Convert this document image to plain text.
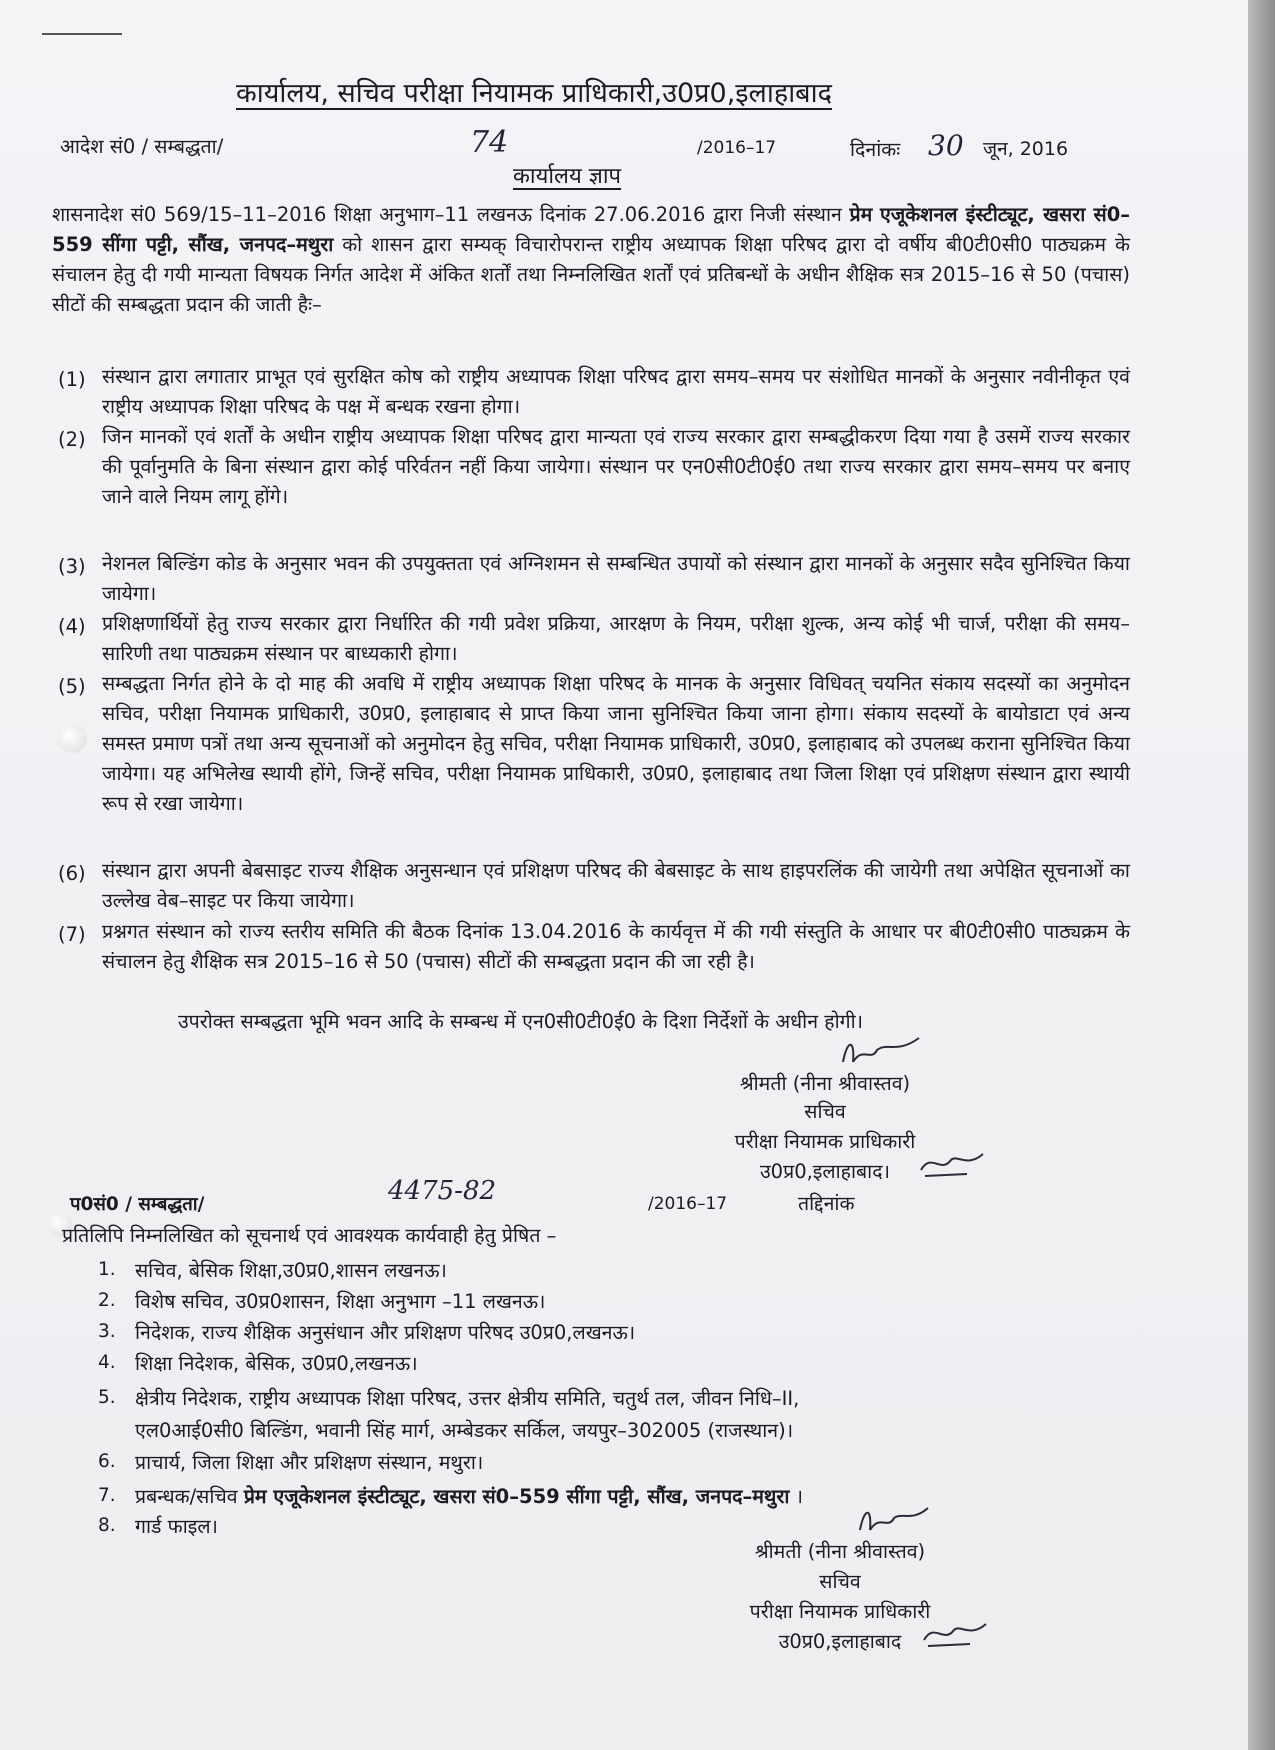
कार्यालय, सचिव परीक्षा नियामक प्राधिकारी,उ0प्र0,इलाहाबाद
आदेश सं0 / सम्बद्धता/	74	/2016–17	दिनांकः 30 जून, 2016
कार्यालय ज्ञाप
शासनादेश सं0 569/15–11–2016 शिक्षा अनुभाग–11 लखनऊ दिनांक 27.06.2016 द्वारा निजी संस्थान प्रेम एजूकेशनल इंस्टीट्यूट, खसरा सं0–559 सींगा पट्टी, सौंख, जनपद–मथुरा को शासन द्वारा सम्यक् विचारोपरान्त राष्ट्रीय अध्यापक शिक्षा परिषद द्वारा दो वर्षीय बी0टी0सी0 पाठ्यक्रम के संचालन हेतु दी गयी मान्यता विषयक निर्गत आदेश में अंकित शर्तों तथा निम्नलिखित शर्तों एवं प्रतिबन्धों के अधीन शैक्षिक सत्र 2015–16 से 50 (पचास) सीटों की सम्बद्धता प्रदान की जाती हैः–
(1) संस्थान द्वारा लगातार प्राभूत एवं सुरक्षित कोष को राष्ट्रीय अध्यापक शिक्षा परिषद द्वारा समय–समय पर संशोधित मानकों के अनुसार नवीनीकृत एवं राष्ट्रीय अध्यापक शिक्षा परिषद के पक्ष में बन्धक रखना होगा।
(2) जिन मानकों एवं शर्तों के अधीन राष्ट्रीय अध्यापक शिक्षा परिषद द्वारा मान्यता एवं राज्य सरकार द्वारा सम्बद्धीकरण दिया गया है उसमें राज्य सरकार की पूर्वानुमति के बिना संस्थान द्वारा कोई परिर्वतन नहीं किया जायेगा। संस्थान पर एन0सी0टी0ई0 तथा राज्य सरकार द्वारा समय–समय पर बनाए जाने वाले नियम लागू होंगे।
(3) नेशनल बिल्डिंग कोड के अनुसार भवन की उपयुक्तता एवं अग्निशमन से सम्बन्धित उपायों को संस्थान द्वारा मानकों के अनुसार सदैव सुनिश्चित किया जायेगा।
(4) प्रशिक्षणार्थियों हेतु राज्य सरकार द्वारा निर्धारित की गयी प्रवेश प्रक्रिया, आरक्षण के नियम, परीक्षा शुल्क, अन्य कोई भी चार्ज, परीक्षा की समय–सारिणी तथा पाठ्यक्रम संस्थान पर बाध्यकारी होगा।
(5) सम्बद्धता निर्गत होने के दो माह की अवधि में राष्ट्रीय अध्यापक शिक्षा परिषद के मानक के अनुसार विधिवत् चयनित संकाय सदस्यों का अनुमोदन सचिव, परीक्षा नियामक प्राधिकारी, उ0प्र0, इलाहाबाद से प्राप्त किया जाना सुनिश्चित किया जाना होगा। संकाय सदस्यों के बायोडाटा एवं अन्य समस्त प्रमाण पत्रों तथा अन्य सूचनाओं को अनुमोदन हेतु सचिव, परीक्षा नियामक प्राधिकारी, उ0प्र0, इलाहाबाद को उपलब्ध कराना सुनिश्चित किया जायेगा। यह अभिलेख स्थायी होंगे, जिन्हें सचिव, परीक्षा नियामक प्राधिकारी, उ0प्र0, इलाहाबाद तथा जिला शिक्षा एवं प्रशिक्षण संस्थान द्वारा स्थायी रूप से रखा जायेगा।
(6) संस्थान द्वारा अपनी बेबसाइट राज्य शैक्षिक अनुसन्धान एवं प्रशिक्षण परिषद की बेबसाइट के साथ हाइपरलिंक की जायेगी तथा अपेक्षित सूचनाओं का उल्लेख वेब–साइट पर किया जायेगा।
(7) प्रश्नगत संस्थान को राज्य स्तरीय समिति की बैठक दिनांक 13.04.2016 के कार्यवृत्त में की गयी संस्तुति के आधार पर बी0टी0सी0 पाठ्यक्रम के संचालन हेतु शैक्षिक सत्र 2015–16 से 50 (पचास) सीटों की सम्बद्धता प्रदान की जा रही है।
उपरोक्त सम्बद्धता भूमि भवन आदि के सम्बन्ध में एन0सी0टी0ई0 के दिशा निर्देशों के अधीन होगी।
श्रीमती (नीना श्रीवास्तव)
सचिव
परीक्षा नियामक प्राधिकारी
उ0प्र0,इलाहाबाद।
प0सं0 / सम्बद्धता/	4475-82	/2016–17	तद्दिनांक
प्रतिलिपि निम्नलिखित को सूचनार्थ एवं आवश्यक कार्यवाही हेतु प्रेषित –
1. सचिव, बेसिक शिक्षा,उ0प्र0,शासन लखनऊ।
2. विशेष सचिव, उ0प्र0शासन, शिक्षा अनुभाग –11 लखनऊ।
3. निदेशक, राज्य शैक्षिक अनुसंधान और प्रशिक्षण परिषद उ0प्र0,लखनऊ।
4. शिक्षा निदेशक, बेसिक, उ0प्र0,लखनऊ।
5. क्षेत्रीय निदेशक, राष्ट्रीय अध्यापक शिक्षा परिषद, उत्तर क्षेत्रीय समिति, चतुर्थ तल, जीवन निधि–II,
एल0आई0सी0 बिल्डिंग, भवानी सिंह मार्ग, अम्बेडकर सर्किल, जयपुर–302005 (राजस्थान)।
6. प्राचार्य, जिला शिक्षा और प्रशिक्षण संस्थान, मथुरा।
7. प्रबन्धक/सचिव प्रेम एजूकेशनल इंस्टीट्यूट, खसरा सं0–559 सींगा पट्टी, सौंख, जनपद–मथुरा ।
8. गार्ड फाइल।
श्रीमती (नीना श्रीवास्तव)
सचिव
परीक्षा नियामक प्राधिकारी
उ0प्र0,इलाहाबाद
